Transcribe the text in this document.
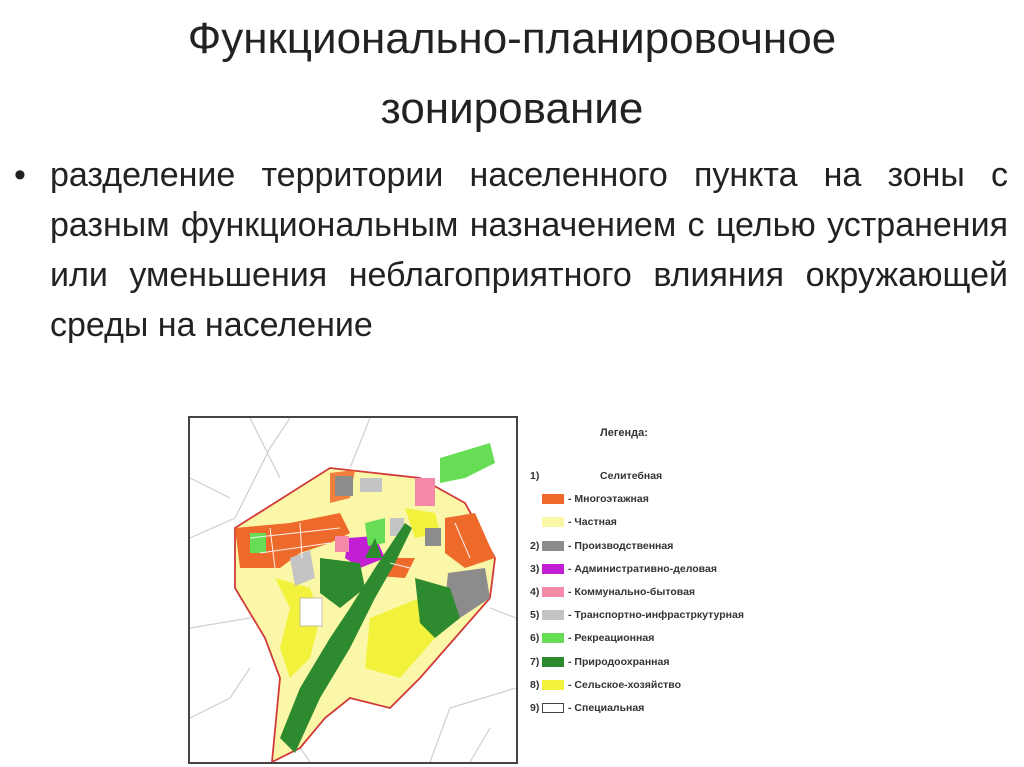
Функционально-планировочное
зонирование
• разделение территории населенного пункта на зоны с разным функциональным назначением с целью устранения или уменьшения неблагоприятного влияния окружающей среды на население
Легенда:
1)	Селитебная
- Многоэтажная
- Частная
2)	- Производственная
3)	- Административно-деловая
4)	- Коммунально-бытовая
5)	- Транспортно-инфрастркутурная
6)	- Рекреационная
7)	- Природоохранная
8)	- Сельское-хозяйство
9)	- Специальная
